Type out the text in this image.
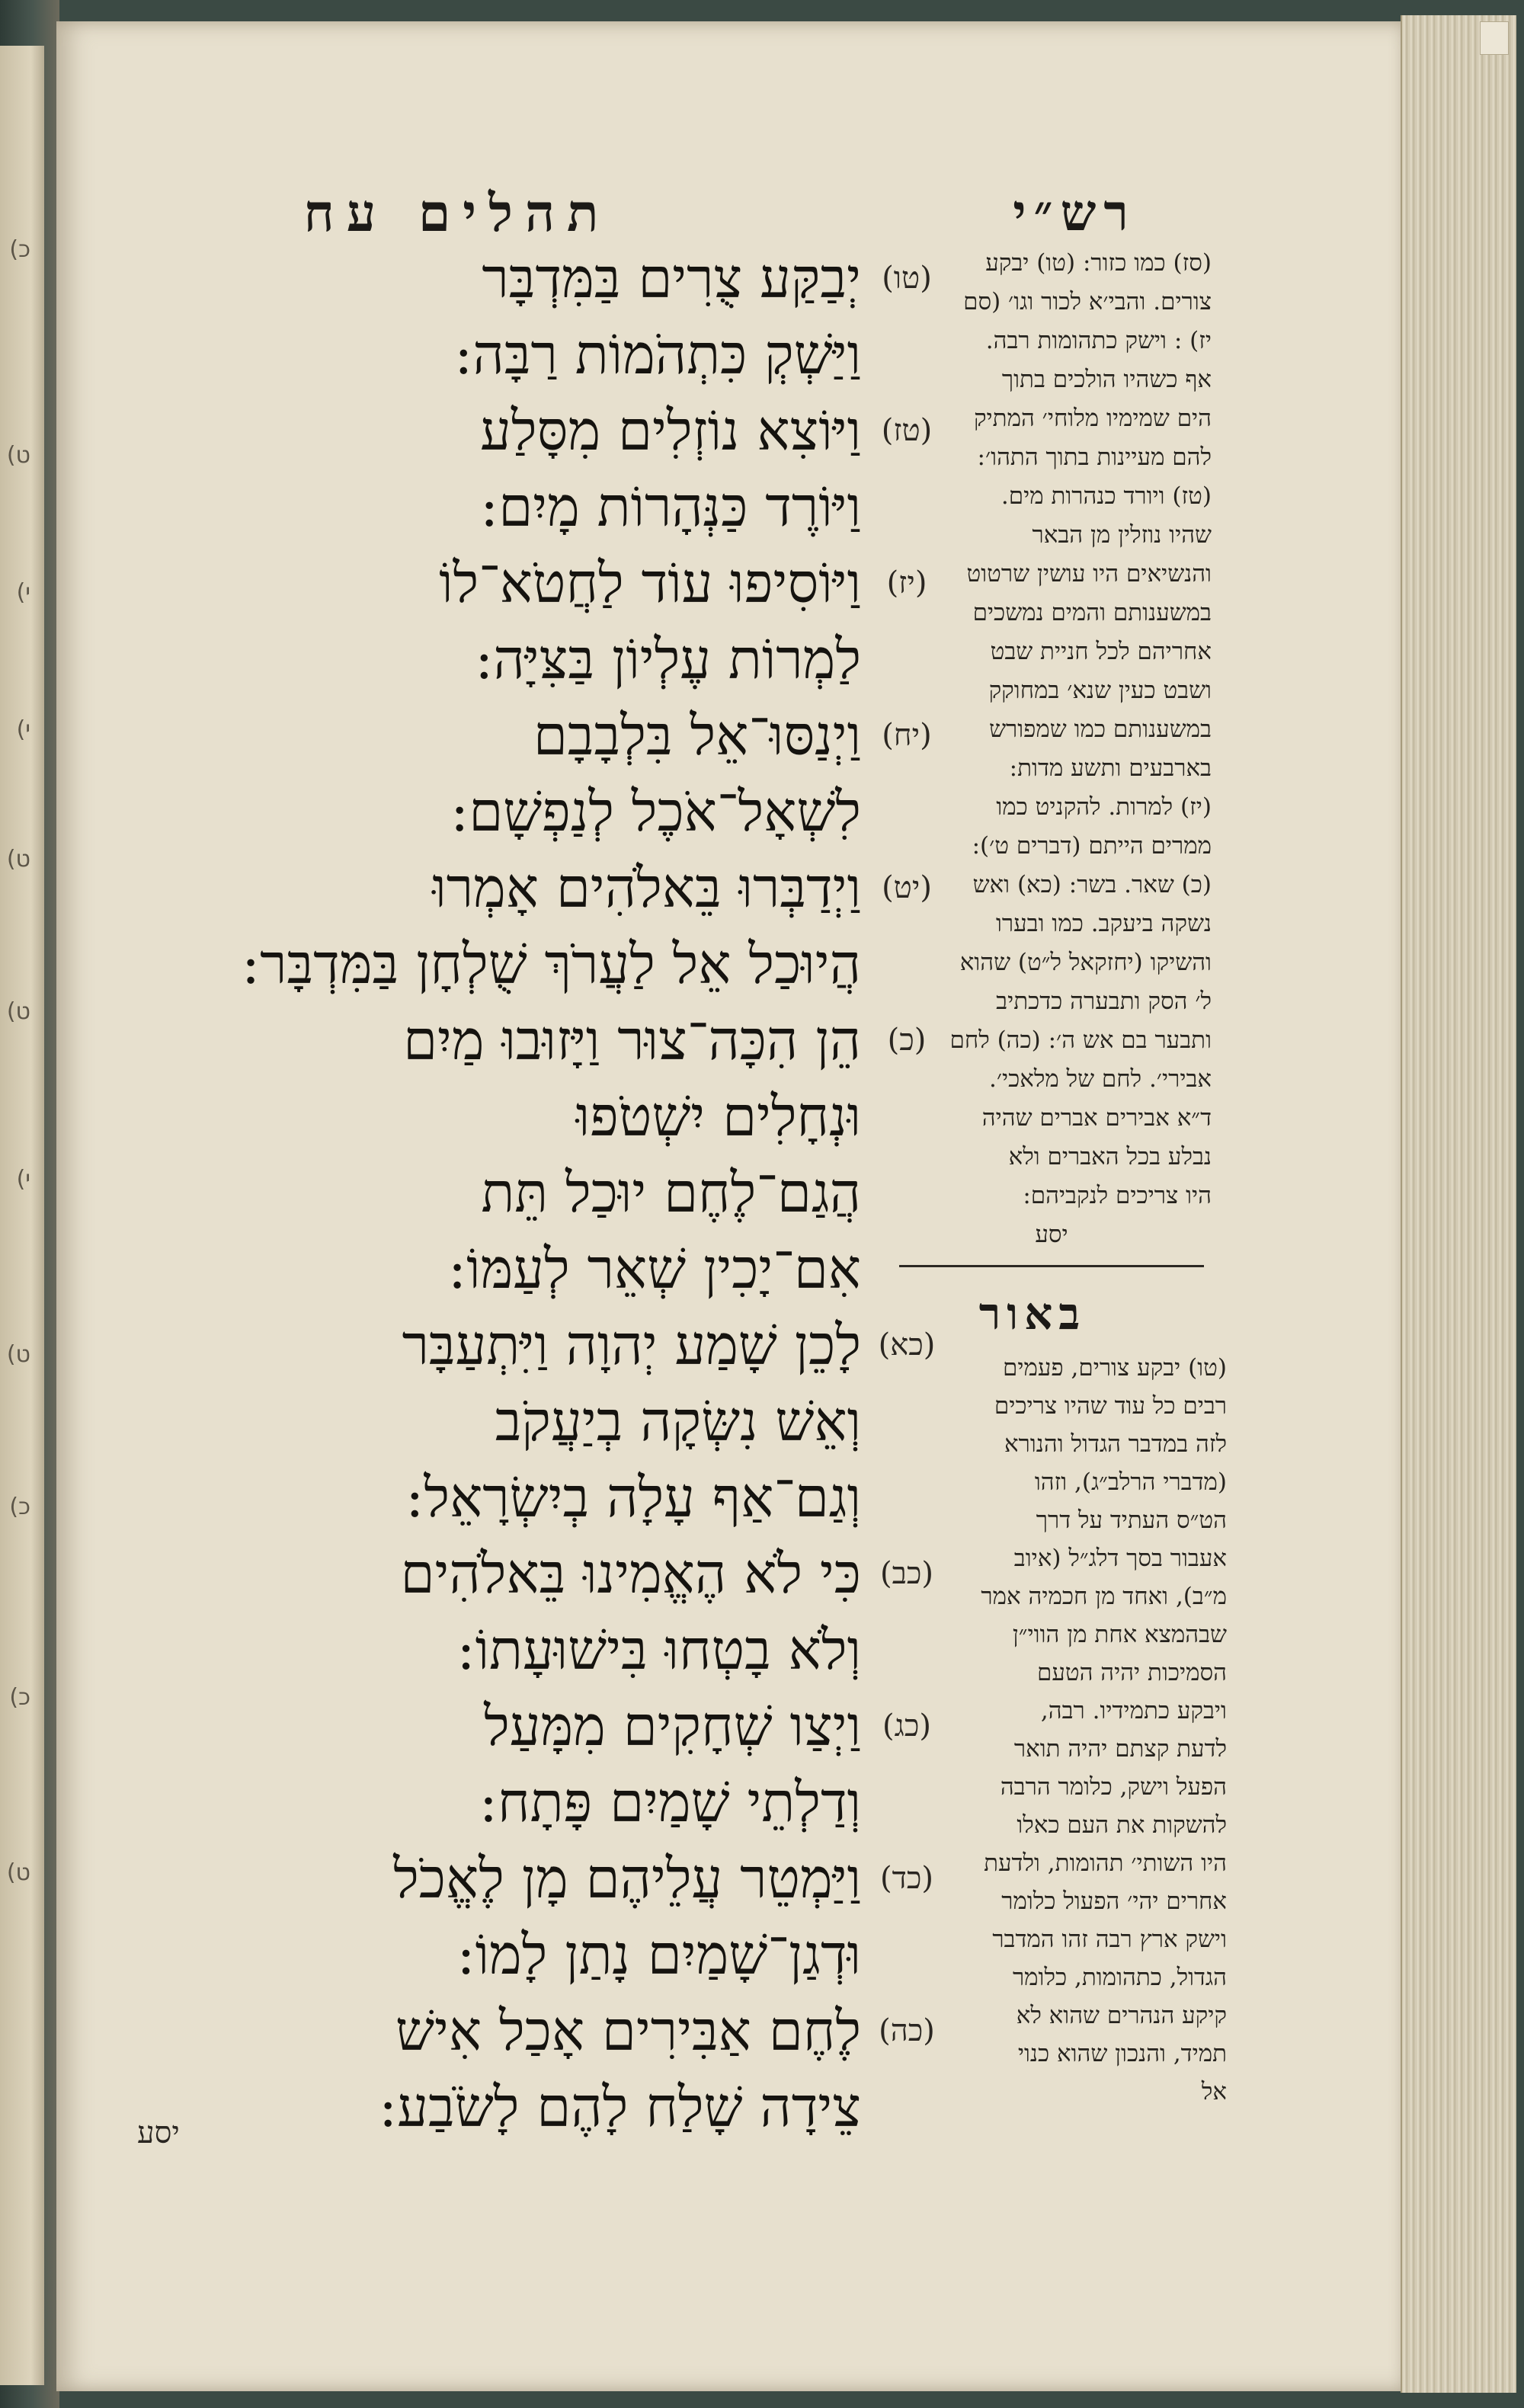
(כ
(ט
(י
(י
(ט
(ט
(י
(ט
(כ
(כ
(ט
תהלים עח
יְבַקַּע צֻרִים בַּמִּדְבָּר (טו)
וַיַּשְׁקְ כִּתְהֹמוֹת רַבָּה:
וַיּוֹצִא נוֹזְלִים מִסָּלַע (טז)
וַיּוֹרֶד כַּנְּהָרוֹת מָיִם:
וַיּוֹסִיפוּ עוֹד לַחֲטֹא־לוֹ (יז)
לַמְרוֹת עֶלְיוֹן בַּצִּיָּה:
וַיְנַסּוּ־אֵל בִּלְבָבָם (יח)
לִשְׁאָל־אֹכֶל לְנַפְשָׁם:
וַיְדַבְּרוּ בֵּאלֹהִים אָמְרוּ (יט)
הֲיוּכַל אֵל לַעֲרֹךְ שֻׁלְחָן בַּמִּדְבָּר:
הֵן הִכָּה־צוּר וַיָּזוּבוּ מַיִם (כ)
וּנְחָלִים יִשְׁטֹפוּ
הֲגַם־לֶחֶם יוּכַל תֵּת
אִם־יָכִין שְׁאֵר לְעַמּוֹ:
לָכֵן שָׁמַע יְהוָה וַיִּתְעַבָּר (כא)
וְאֵשׁ נִשְּׂקָה בְיַעֲקֹב
וְגַם־אַף עָלָה בְיִשְׂרָאֵל:
כִּי לֹא הֶאֱמִינוּ בֵּאלֹהִים (כב)
וְלֹא בָטְחוּ בִּישׁוּעָתוֹ:
וַיְצַו שְׁחָקִים מִמָּעַל (כג)
וְדַלְתֵי שָׁמַיִם פָּתָח:
וַיַּמְטֵר עֲלֵיהֶם מָן לֶאֱכֹל (כד)
וּדְגַן־שָׁמַיִם נָתַן לָמוֹ:
לֶחֶם אַבִּירִים אָכַל אִישׁ (כה)
צֵידָה שָׁלַח לָהֶם לָשֹׂבַע:
יסע
רש״י
(סז) כמו כזור: (טו) יבקע
צורים. והבי׳א לכור וגו׳ (סם
יז) : וישק כתהומות רבה.
אף כשהיו הולכים בתוך
הים שמימיו מלוחי׳ המתיק
להם מעיינות בתוך התהו׳:
(טז) ויורד כנהרות מים.
שהיו נוזלין מן הבאר
והנשיאים היו עושין שרטוט
במשענותם והמים נמשכים
אחריהם לכל חניית שבט
ושבט כעין שנא׳ במחוקק
במשענותם כמו שמפורש
בארבעים ותשע מדות:
(יז) למרות. להקניט כמו
ממרים הייתם (דברים ט׳):
(כ) שאר. בשר: (כא) ואש
נשקה ביעקב. כמו ובערו
והשיקו (יחזקאל ל״ט) שהוא
ל׳ הסק ותבערה כדכתיב
ותבער בם אש ה׳: (כה) לחם
אבירי׳. לחם של מלאכי׳.
ד״א אבירים אברים שהיה
נבלע בכל האברים ולא
היו צריכים לנקביהם:
יסע
באור
(טו) יבקע צורים, פעמים
רבים כל עוד שהיו צריכים
לזה במדבר הגדול והנורא
(מדברי הרלב״ג), וזהו
הט״ס העתיד על דרך
אעבור בסך דלג״ל (איוב
מ״ב), ואחד מן חכמיה אמר
שבהמצא אחת מן הווי״ן
הסמיכות יהיה הטעם
ויבקע כתמידיו. רבה,
לדעת קצתם יהיה תואר
הפעל וישק, כלומר הרבה
להשקות את העם כאלו
היו השותי׳ תהומות, ולדעת
אחרים יהי׳ הפעול כלומר
וישק ארץ רבה זהו המדבר
הגדול, כתהומות, כלומר
קיקע הנהרים שהוא לא
תמיד, והנכון שהוא כנוי
אל
